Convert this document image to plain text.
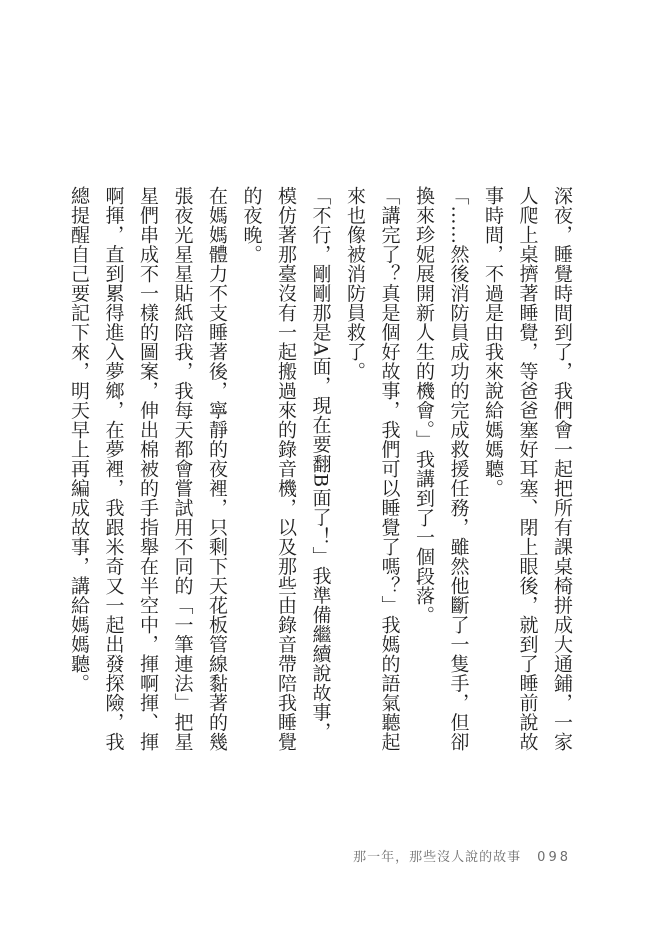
深夜，睡覺時間到了，我們會一起把所有課桌椅拼成大通鋪，一家人爬上桌擠著睡覺，等爸爸塞好耳塞、閉上眼後，就到了睡前說故事時間，不過是由我來說給媽媽聽。

「……然後消防員成功的完成救援任務，雖然他斷了一隻手，但卻換來珍妮展開新人生的機會。」我講到了一個段落。

「講完了？真是個好故事，我們可以睡覺了嗎？」我媽的語氣聽起來也像被消防員救了。

「不行，剛剛那是A面，現在要翻B面了！」我準備繼續說故事，模仿著那臺沒有一起搬過來的錄音機，以及那些由錄音帶陪我睡覺的夜晚。

在媽媽體力不支睡著後，寧靜的夜裡，只剩下天花板管線黏著的幾張夜光星星貼紙陪我，我每天都會嘗試用不同的「一筆連法」把星星們串成不一樣的圖案，伸出棉被的手指舉在半空中，揮啊揮、揮啊揮，直到累得進入夢鄉，在夢裡，我跟米奇又一起出發探險，我總提醒自己要記下來，明天早上再編成故事，講給媽媽聽。

那一年，那些沒人說的故事 098
